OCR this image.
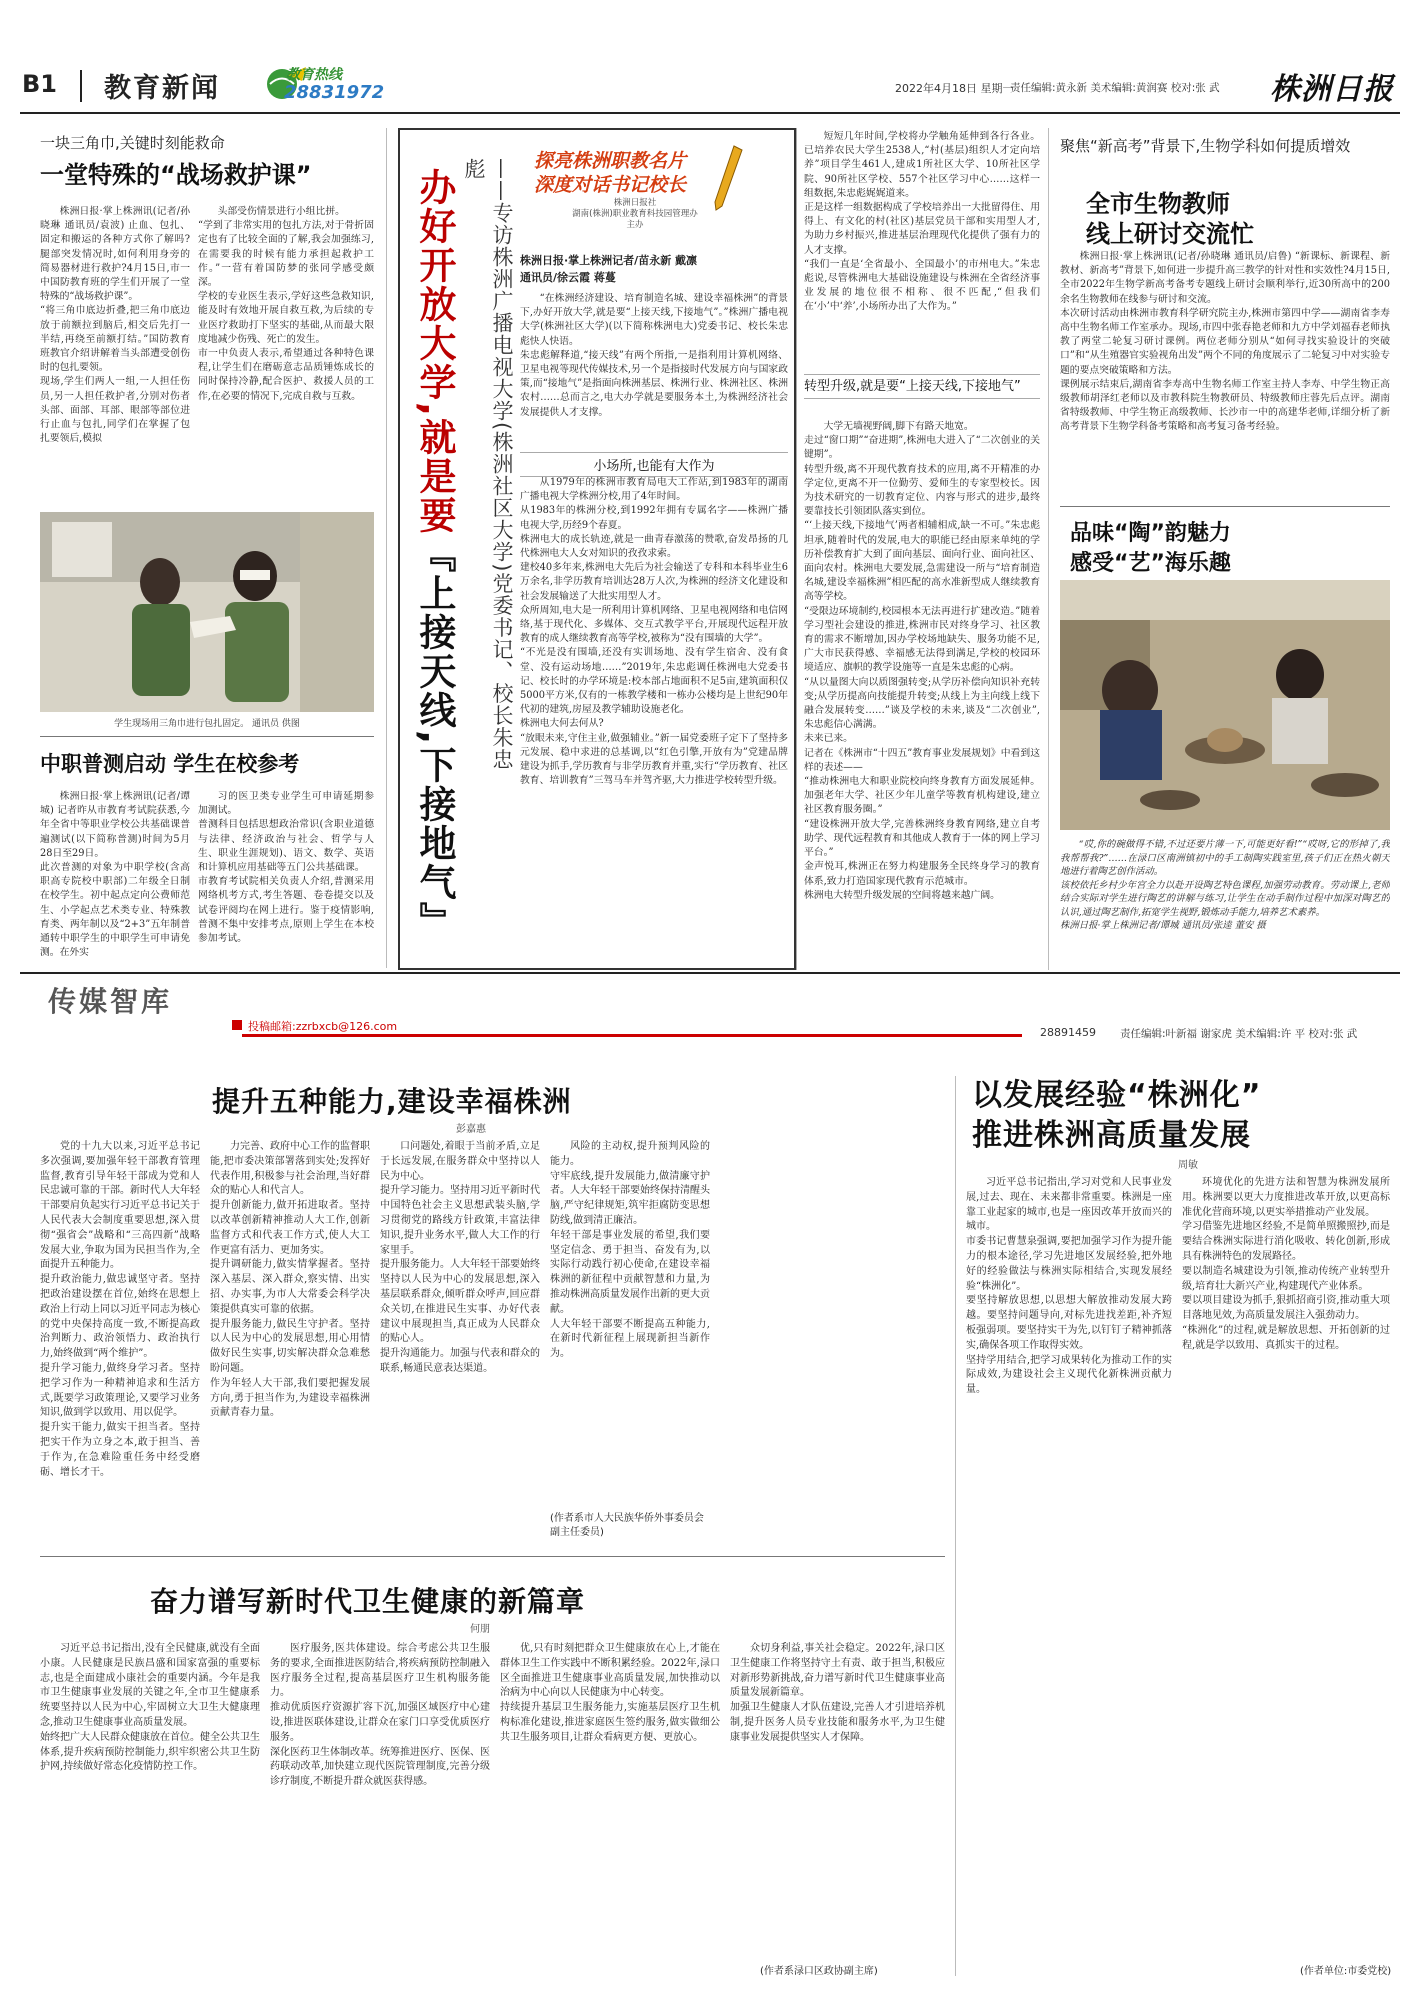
B1 教育新闻	教育热线
28831972	2022年4月18日 星期一
责任编辑:黄永新 美术编辑:黄润赛 校对:张 武 株洲日报
一块三角巾,关键时刻能救命
一堂特殊的“战场救护课”
株洲日报·掌上株洲讯(记者/孙晓琳 通讯员/袁波) 止血、包扎、固定和搬运的各种方式你了解吗?腿部突发情况时,如何利用身旁的简易器材进行救护?4月15日,市一中国防教育班的学生们开展了一堂特殊的“战场救护课”。
“将三角巾底边折叠,把三角巾底边放于前额拉到脑后,相交后先打一半结,再绕至前额打结。”国防教育班教官介绍讲解着当头部遭受创伤时的包扎要领。
现场,学生们两人一组,一人担任伤员,另一人担任救护者,分别对伤者头部、面部、耳部、眼部等部位进行止血与包扎,同学们在掌握了包扎要领后,模拟
头部受伤情景进行小组比拼。
“学到了非常实用的包扎方法,对于骨折固定也有了比较全面的了解,我会加强练习,在需要我的时候有能力承担起救护工作。”一营有着国防梦的张同学感受颇深。
学校的专业医生表示,学好这些急救知识,能及时有效地开展自救互救,为后续的专业医疗救助打下坚实的基础,从而最大限度地减少伤残、死亡的发生。
市一中负责人表示,希望通过各种特色课程,让学生们在磨砺意志品质锤炼成长的同时保持冷静,配合医护、救援人员的工作,在必要的情况下,完成自救与互救。
学生现场用三角巾进行包扎固定。 通讯员 供图
中职普测启动 学生在校参考
株洲日报·掌上株洲讯(记者/谭城) 记者昨从市教育考试院获悉,今年全省中等职业学校公共基础课普遍测试(以下简称普测)时间为5月28日至29日。
此次普测的对象为中职学校(含高职高专院校中职部)二年级全日制在校学生。初中起点定向公费师范生、小学起点艺术类专业、特殊教育类、两年制以及“2+3”五年制普通转中职学生的中职学生可申请免测。在外实
习的医卫类专业学生可申请延期参加测试。
普测科目包括思想政治常识(含职业道德与法律、经济政治与社会、哲学与人生、职业生涯规划)、语文、数学、英语和计算机应用基础等五门公共基础课。
市教育考试院相关负责人介绍,普测采用网络机考方式,考生答题、卷卷提交以及试卷评阅均在网上进行。鉴于疫情影响,普测不集中安排考点,原则上学生在本校参加考试。
办好开放大学,就是要『上接天线,下接地气』	——专访株洲广播电视大学(株洲社区大学)党委书记、校长朱忠彪	探亮株洲职教名片
深度对话书记校长
株洲日报社
湖南(株洲)职业教育科技园管理办
主办
株洲日报·掌上株洲记者/苗永新 戴凛
通讯员/徐云霞 蒋蔓
“在株洲经济建设、培育制造名城、建设幸福株洲”的背景下,办好开放大学,就是要“上接天线,下接地气”。”株洲广播电视大学(株洲社区大学)(以下简称株洲电大)党委书记、校长朱忠彪快人快语。
朱忠彪解释道,“接天线”有两个所指,一是指利用计算机网络、卫星电视等现代传媒技术,另一个是指接时代发展方向与国家政策,而“接地气”是指面向株洲基层、株洲行业、株洲社区、株洲农村……总而言之,电大办学就是要服务本土,为株洲经济社会发展提供人才支撑。
小场所,也能有大作为
从1979年的株洲市教育局电大工作站,到1983年的湖南广播电视大学株洲分校,用了4年时间。
从1983年的株洲分校,到1992年拥有专属名字——株洲广播电视大学,历经9个春夏。
株洲电大的成长轨迹,就是一曲青春激荡的赞歌,奋发昂扬的几代株洲电大人女对知识的孜孜求索。
建校40多年来,株洲电大先后为社会输送了专科和本科毕业生6万余名,非学历教育培训达28万人次,为株洲的经济文化建设和社会发展输送了大批实用型人才。
众所周知,电大是一所利用计算机网络、卫星电视网络和电信网络,基于现代化、多媒体、交互式教学平台,开展现代远程开放教育的成人继续教育高等学校,被称为“没有围墙的大学”。
“不光是没有围墙,还没有实训场地、没有学生宿舍、没有食堂、没有运动场地……”2019年,朱忠彪调任株洲电大党委书记、校长时的办学环境是:校本部占地面积不足5亩,建筑面积仅5000平方米,仅有的一栋教学楼和一栋办公楼均是上世纪90年代初的建筑,房屋及教学辅助设施老化。
株洲电大何去何从?
“放眼未来,守住主业,做强辅业。”新一届党委班子定下了坚持多元发展、稳中求进的总基调,以“红色引擎,开放有为”党建品牌建设为抓手,学历教育与非学历教育并重,实行“学历教育、社区教育、培训教育”三驾马车并驾齐驱,大力推进学校转型升级。
短短几年时间,学校将办学触角延伸到各行各业。已培养农民大学生2538人,“村(基层)组织人才定向培养”项目学生461人,建成1所社区大学、10所社区学院、90所社区学校、557个社区学习中心……这样一组数据,朱忠彪娓娓道来。
正是这样一组数据构成了学校培养出一大批留得住、用得上、有文化的村(社区)基层党员干部和实用型人才,为助力乡村振兴,推进基层治理现代化提供了强有力的人才支撑。
“我们一直是‘全省最小、全国最小’的市州电大。”朱忠彪说,尽管株洲电大基础设施建设与株洲在全省经济事业发展的地位很不相称、很不匹配,“但我们在‘小’中‘养’,小场所办出了大作为。”
转型升级,就是要“上接天线,下接地气”
大学无墙视野阔,脚下有路天地宽。
走过“窗口期”“奋进期”,株洲电大进入了“二次创业的关键期”。
转型升级,离不开现代教育技术的应用,离不开精准的办学定位,更离不开一位勤劳、爱师生的专家型校长。因为技术研究的一切教育定位、内容与形式的进步,最终要靠技长引领团队落实到位。
“‘上接天线,下接地气’两者相辅相成,缺一不可。”朱忠彪坦承,随着时代的发展,电大的职能已经由原来单纯的学历补偿教育扩大到了面向基层、面向行业、面向社区、面向农村。株洲电大要发展,急需建设一所与“培育制造名城,建设幸福株洲”相匹配的高水准新型成人继续教育高等学校。
“受限边环境制约,校园根本无法再进行扩建改造。”随着学习型社会建设的推进,株洲市民对终身学习、社区教育的需求不断增加,因办学校场地缺失、服务功能不足,广大市民获得感、幸福感无法得到满足,学校的校园环境适应、旗帜的教学设施等一直是朱忠彪的心病。
“从以量图大向以质图强转变;从学历补偿向知识补充转变;从学历提高向技能提升转变;从线上为主向线上线下融合发展转变……”谈及学校的未来,谈及“二次创业”,朱忠彪信心满满。
未来已来。
记者在《株洲市“十四五”教育事业发展规划》中看到这样的表述——
“推动株洲电大和职业院校向终身教育方面发展延伸。加强老年大学、社区少年儿童学等教育机构建设,建立社区教育服务圈。”
“建设株洲开放大学,完善株洲终身教育网络,建立自考助学、现代远程教育和其他成人教育于一体的网上学习平台。”
金声悦耳,株洲正在努力构建服务全民终身学习的教育体系,致力打造国家现代教育示范城市。
株洲电大转型升级发展的空间将越来越广阔。
聚焦“新高考”背景下,生物学科如何提质增效
全市生物教师
线上研讨交流忙
株洲日报·掌上株洲讯(记者/孙晓琳 通讯员/启鲁) “新课标、新课程、新教材、新高考”背景下,如何进一步提升高三教学的针对性和实效性?4月15日,全市2022年生物学新高考备考专题线上研讨会顺利举行,近30所高中的200余名生物教师在线参与研讨和交流。
本次研讨活动由株洲市教育科学研究院主办,株洲市第四中学——湖南省李寿高中生物名师工作室承办。现场,市四中张春艳老师和九方中学刘福春老师执教了两堂二轮复习研讨课例。两位老师分别从“如何寻找实验设计的突破口”和“从生殖器官实验视角出发”两个不同的角度展示了二轮复习中对实验专题的要点突破策略和方法。
课例展示结束后,湖南省李寿高中生物名师工作室主持人李寿、中学生物正高级教师胡泽红老师以及市教科院生物教研员、特级教师庄蓉先后点评。湖南省特级教师、中学生物正高级教师、长沙市一中的高建华老师,详细分析了新高考背景下生物学科备考策略和高考复习备考经验。
品味“陶”韵魅力
感受“艺”海乐趣
“哎,你的碗做得不错,不过还要片薄一下,可能更好看!”“哎呀,它的形掉了,我我帮帮我?”……在渌口区南洲镇初中的手工制陶实践室里,孩子们正在热火朝天地进行着陶艺创作活动。
该校依托乡村少年宫全力以赴开设陶艺特色课程,加强劳动教育。劳动课上,老师结合实际对学生进行陶艺的讲解与练习,让学生在动手制作过程中加深对陶艺的认识,通过陶艺制作,拓宽学生视野,锻炼动手能力,培养艺术素养。
株洲日报·掌上株洲记者/谭城 通讯员/张逵 董安 摄
传媒智库
投稿邮箱:zzrbxcb@126.com	28891459 责任编辑:叶新福 谢家虎 美术编辑:许 平 校对:张 武
提升五种能力,建设幸福株洲
彭嘉惠
党的十九大以来,习近平总书记多次强调,要加强年轻干部教育管理监督,教育引导年轻干部成为党和人民忠诚可靠的干部。新时代人大年轻干部要肩负起实行习近平总书记关于人民代表大会制度重要思想,深入贯彻“强省会”战略和“三高四新”战略发展大业,争取为国为民担当作为,全面提升五种能力。
提升政治能力,做忠诚坚守者。坚持把政治建设摆在首位,始终在思想上政治上行动上同以习近平同志为核心的党中央保持高度一致,不断提高政治判断力、政治领悟力、政治执行力,始终做到“两个维护”。
提升学习能力,做终身学习者。坚持把学习作为一种精神追求和生活方式,既要学习政策理论,又要学习业务知识,做到学以致用、用以促学。
提升实干能力,做实干担当者。坚持把实干作为立身之本,敢于担当、善于作为,在急难险重任务中经受磨砺、增长才干。
力完善、政府中心工作的监督职能,把市委决策部署落到实处;发挥好代表作用,积极参与社会治理,当好群众的贴心人和代言人。
提升创新能力,做开拓进取者。坚持以改革创新精神推动人大工作,创新监督方式和代表工作方式,使人大工作更富有活力、更加务实。
提升调研能力,做实情掌握者。坚持深入基层、深入群众,察实情、出实招、办实事,为市人大常委会科学决策提供真实可靠的依据。
提升服务能力,做民生守护者。坚持以人民为中心的发展思想,用心用情做好民生实事,切实解决群众急难愁盼问题。
作为年轻人大干部,我们要把握发展方向,勇于担当作为,为建设幸福株洲贡献青春力量。
口问题处,着眼于当前矛盾,立足于长远发展,在服务群众中坚持以人民为中心。
提升学习能力。坚持用习近平新时代中国特色社会主义思想武装头脑,学习贯彻党的路线方针政策,丰富法律知识,提升业务水平,做人大工作的行家里手。
提升服务能力。人大年轻干部要始终坚持以人民为中心的发展思想,深入基层联系群众,倾听群众呼声,回应群众关切,在推进民生实事、办好代表建议中展现担当,真正成为人民群众的贴心人。
提升沟通能力。加强与代表和群众的联系,畅通民意表达渠道。
风险的主动权,提升预判风险的能力。
守牢底线,提升发展能力,做清廉守护者。人大年轻干部要始终保持清醒头脑,严守纪律规矩,筑牢拒腐防变思想防线,做到清正廉洁。
年轻干部是事业发展的希望,我们要坚定信念、勇于担当、奋发有为,以实际行动践行初心使命,在建设幸福株洲的新征程中贡献智慧和力量,为推动株洲高质量发展作出新的更大贡献。
人大年轻干部要不断提高五种能力,在新时代新征程上展现新担当新作为。
(作者系市人大民族华侨外事委员会副主任委员)
奋力谱写新时代卫生健康的新篇章
何朋
习近平总书记指出,没有全民健康,就没有全面小康。人民健康是民族昌盛和国家富强的重要标志,也是全面建成小康社会的重要内涵。今年是我市卫生健康事业发展的关键之年,全市卫生健康系统要坚持以人民为中心,牢固树立大卫生大健康理念,推动卫生健康事业高质量发展。
始终把广大人民群众健康放在首位。健全公共卫生体系,提升疾病预防控制能力,织牢织密公共卫生防护网,持续做好常态化疫情防控工作。
医疗服务,医共体建设。综合考虑公共卫生服务的要求,全面推进医防结合,将疾病预防控制融入医疗服务全过程,提高基层医疗卫生机构服务能力。
推动优质医疗资源扩容下沉,加强区域医疗中心建设,推进医联体建设,让群众在家门口享受优质医疗服务。
深化医药卫生体制改革。统筹推进医疗、医保、医药联动改革,加快建立现代医院管理制度,完善分级诊疗制度,不断提升群众就医获得感。
优,只有时刻把群众卫生健康放在心上,才能在群体卫生工作实践中不断积累经验。2022年,渌口区全面推进卫生健康事业高质量发展,加快推动以治病为中心向以人民健康为中心转变。
持续提升基层卫生服务能力,实施基层医疗卫生机构标准化建设,推进家庭医生签约服务,做实做细公共卫生服务项目,让群众看病更方便、更放心。
众切身利益,事关社会稳定。2022年,渌口区卫生健康工作将坚持守土有责、敢于担当,积极应对新形势新挑战,奋力谱写新时代卫生健康事业高质量发展新篇章。
加强卫生健康人才队伍建设,完善人才引进培养机制,提升医务人员专业技能和服务水平,为卫生健康事业发展提供坚实人才保障。
(作者系渌口区政协副主席)
以发展经验“株洲化”
推进株洲高质量发展
周敏
习近平总书记指出,学习对党和人民事业发展,过去、现在、未来都非常重要。株洲是一座靠工业起家的城市,也是一座因改革开放而兴的城市。
市委书记曹慧泉强调,要把加强学习作为提升能力的根本途径,学习先进地区发展经验,把外地好的经验做法与株洲实际相结合,实现发展经验“株洲化”。
要坚持解放思想,以思想大解放推动发展大跨越。要坚持问题导向,对标先进找差距,补齐短板强弱项。要坚持实干为先,以钉钉子精神抓落实,确保各项工作取得实效。
坚持学用结合,把学习成果转化为推动工作的实际成效,为建设社会主义现代化新株洲贡献力量。
环境优化的先进方法和智慧为株洲发展所用。株洲要以更大力度推进改革开放,以更高标准优化营商环境,以更实举措推动产业发展。
学习借鉴先进地区经验,不是简单照搬照抄,而是要结合株洲实际进行消化吸收、转化创新,形成具有株洲特色的发展路径。
要以制造名城建设为引领,推动传统产业转型升级,培育壮大新兴产业,构建现代产业体系。
要以项目建设为抓手,狠抓招商引资,推动重大项目落地见效,为高质量发展注入强劲动力。
“株洲化”的过程,就是解放思想、开拓创新的过程,就是学以致用、真抓实干的过程。
(作者单位:市委党校)
